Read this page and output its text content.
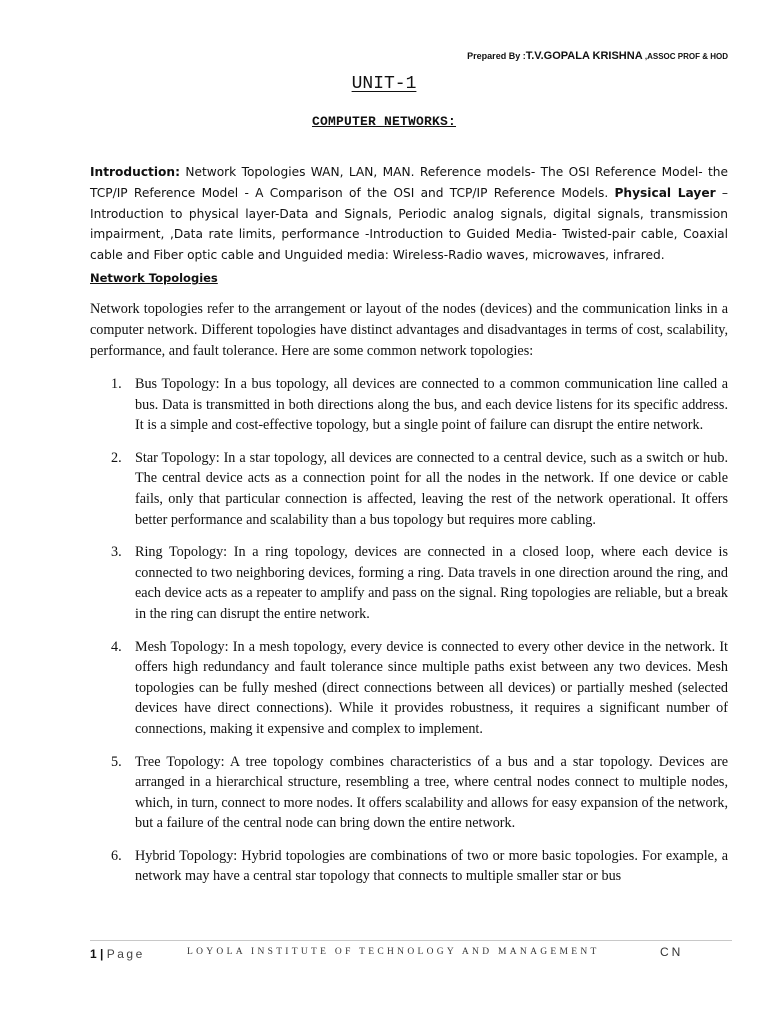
Prepared By :T.V.GOPALA KRISHNA ,ASSOC PROF & HOD
UNIT-1
COMPUTER NETWORKS:
Introduction: Network Topologies WAN, LAN, MAN. Reference models- The OSI Reference Model- the TCP/IP Reference Model - A Comparison of the OSI and TCP/IP Reference Models. Physical Layer – Introduction to physical layer-Data and Signals, Periodic analog signals, digital signals, transmission impairment, ,Data rate limits, performance -Introduction to Guided Media- Twisted-pair cable, Coaxial cable and Fiber optic cable and Unguided media: Wireless-Radio waves, microwaves, infrared.
Network Topologies

Network topologies refer to the arrangement or layout of the nodes (devices) and the communication links in a computer network. Different topologies have distinct advantages and disadvantages in terms of cost, scalability, performance, and fault tolerance. Here are some common network topologies:

1. Bus Topology: In a bus topology, all devices are connected to a common communication line called a bus. Data is transmitted in both directions along the bus, and each device listens for its specific address. It is a simple and cost-effective topology, but a single point of failure can disrupt the entire network.
2. Star Topology: In a star topology, all devices are connected to a central device, such as a switch or hub. The central device acts as a connection point for all the nodes in the network. If one device or cable fails, only that particular connection is affected, leaving the rest of the network operational. It offers better performance and scalability than a bus topology but requires more cabling.
3. Ring Topology: In a ring topology, devices are connected in a closed loop, where each device is connected to two neighboring devices, forming a ring. Data travels in one direction around the ring, and each device acts as a repeater to amplify and pass on the signal. Ring topologies are reliable, but a break in the ring can disrupt the entire network.
4. Mesh Topology: In a mesh topology, every device is connected to every other device in the network. It offers high redundancy and fault tolerance since multiple paths exist between any two devices. Mesh topologies can be fully meshed (direct connections between all devices) or partially meshed (selected devices have direct connections). While it provides robustness, it requires a significant number of connections, making it expensive and complex to implement.
5. Tree Topology: A tree topology combines characteristics of a bus and a star topology. Devices are arranged in a hierarchical structure, resembling a tree, where central nodes connect to multiple nodes, which, in turn, connect to more nodes. It offers scalability and allows for easy expansion of the network, but a failure of the central node can bring down the entire network.
6. Hybrid Topology: Hybrid topologies are combinations of two or more basic topologies. For example, a network may have a central star topology that connects to multiple smaller star or bus
1 | Page	LOYOLA INSTITUTE OF TECHNOLOGY AND MANAGEMENT	CN
